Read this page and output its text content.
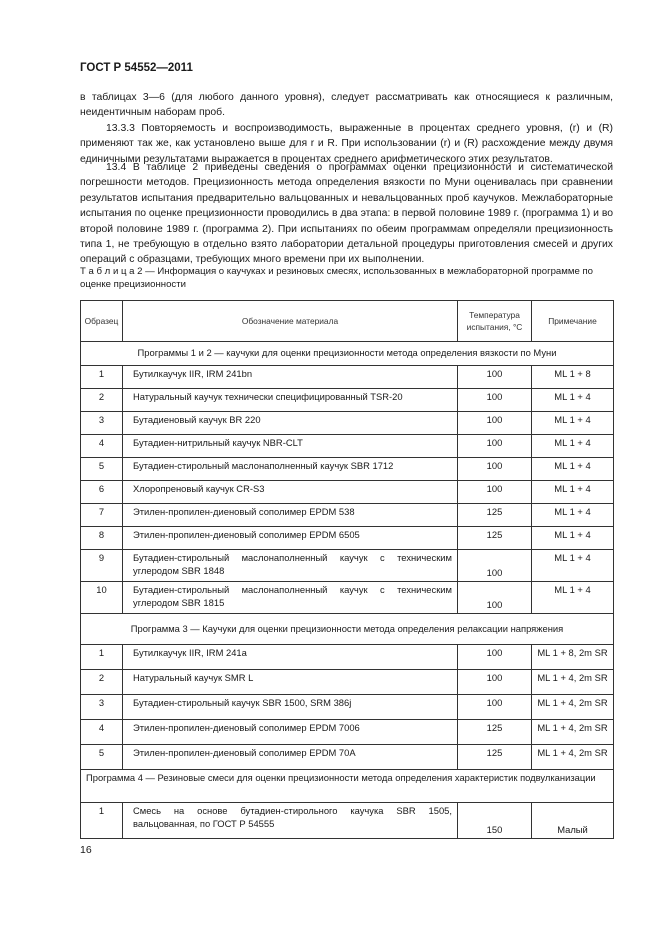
ГОСТ Р 54552—2011

в таблицах 3—6 (для любого данного уровня), следует рассматривать как относящиеся к различным, неидентичным наборам проб.

13.3.3 Повторяемость и воспроизводимость, выраженные в процентах среднего уровня, (r) и (R) применяют так же, как установлено выше для r и R. При использовании (r) и (R) расхождение между двумя единичными результатами выражается в процентах среднего арифметического этих результатов.

13.4 В таблице 2 приведены сведения о программах оценки прецизионности и систематической погрешности методов. Прецизионность метода определения вязкости по Муни оценивалась при сравнении результатов испытания предварительно вальцованных и невальцованных проб каучуков. Межлабораторные испытания по оценке прецизионности проводились в два этапа: в первой половине 1989 г. (программа 1) и во второй половине 1989 г. (программа 2). При испытаниях по обеим программам определяли прецизионность типа 1, не требующую в отдельно взято лаборатории детальной процедуры приготовления смесей и других операций с образцами, требующих много времени при их выполнении.

Т а б л и ц а 2 — Информация о каучуках и резиновых смесях, использованных в межлабораторной программе по оценке прецизионности
Образец	Обозначение материала	Температура испытания, °С	Примечание
Программы 1 и 2 — каучуки для оценки прецизионности метода определения вязкости по Муни			
1	Бутилкаучук IIR, IRM 241bn	100	ML 1 + 8
2	Натуральный каучук технически специфицированный TSR-20	100	ML 1 + 4
3	Бутадиеновый каучук BR 220	100	ML 1 + 4
4	Бутадиен-нитрильный каучук NBR-CLT	100	ML 1 + 4
5	Бутадиен-стирольный маслонаполненный каучук SBR 1712	100	ML 1 + 4
6	Хлоропреновый каучук CR-S3	100	ML 1 + 4
7	Этилен-пропилен-диеновый сополимер EPDM 538	125	ML 1 + 4
8	Этилен-пропилен-диеновый сополимер EPDM 6505	125	ML 1 + 4
9	Бутадиен-стирольный маслонаполненный каучук с техническим углеродом SBR 1848	100	ML 1 + 4
10	Бутадиен-стирольный маслонаполненный каучук с техническим углеродом SBR 1815	100	ML 1 + 4
Программа 3 — Каучуки для оценки прецизионности метода определения релаксации напряжения			
1	Бутилкаучук IIR, IRM 241а	100	ML 1 + 8, 2m SR
2	Натуральный каучук SMR L	100	ML 1 + 4, 2m SR
3	Бутадиен-стирольный каучук SBR 1500, SRM 386j	100	ML 1 + 4, 2m SR
4	Этилен-пропилен-диеновый сополимер EPDM 7006	125	ML 1 + 4, 2m SR
5	Этилен-пропилен-диеновый сополимер EPDM 70A	125	ML 1 + 4, 2m SR
Программа 4 — Резиновые смеси для оценки прецизионности метода определения характеристик подвулканизации			
1	Смесь на основе бутадиен-стирольного каучука SBR 1505, вальцованная, по ГОСТ Р 54555	150	Малый
16
